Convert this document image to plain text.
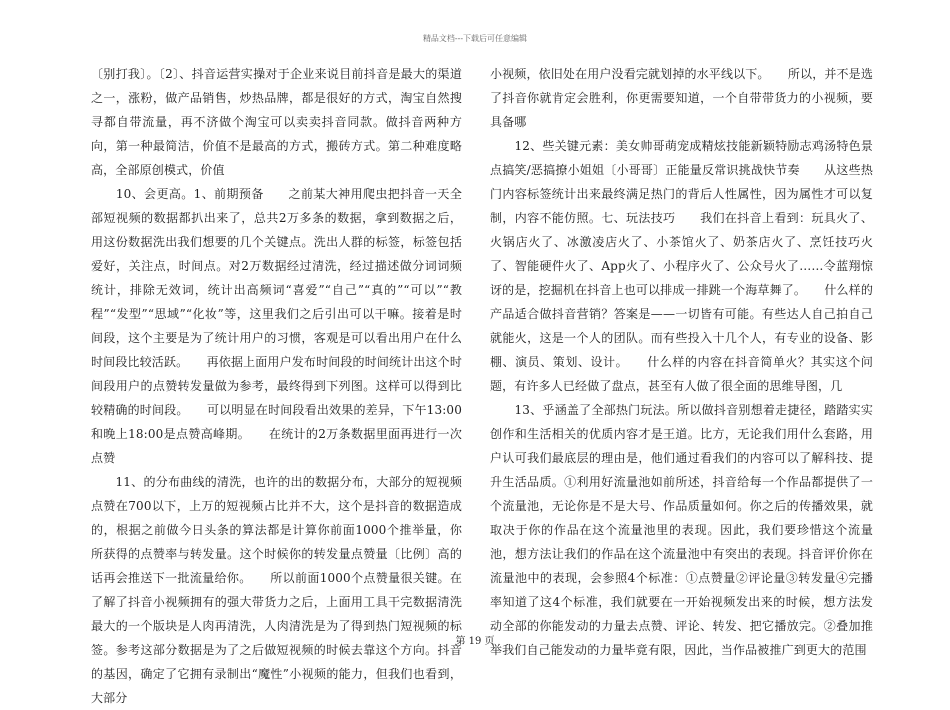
精品文档---下载后可任意编辑

〔别打我〕。〔2〕、抖音运营实操对于企业来说目前抖音是最大的渠道之一，涨粉，做产品销售，炒热品牌，都是很好的方式，淘宝自然搜寻都自带流量，再不济做个淘宝可以卖卖抖音同款。做抖音两种方向，第一种最简洁，价值不是最高的方式，搬砖方式。第二种难度略高，全部原创模式，价值

　　10、会更高。1、前期预备　　之前某大神用爬虫把抖音一天全部短视频的数据都扒出来了，总共2万多条的数据，拿到数据之后，用这份数据洗出我们想要的几个关键点。洗出人群的标签，标签包括爱好，关注点，时间点。对2万数据经过清洗，经过描述做分词词频统计，排除无效词，统计出高频词“喜爱”“自己”“真的”“可以”“教程”“发型”“思域”“化妆”等，这里我们之后引出可以干嘛。接着是时间段，这个主要是为了统计用户的习惯，客观是可以看出用户在什么时间段比较活跃。　　再依据上面用户发布时间段的时间统计出这个时间段用户的点赞转发量做为参考，最终得到下列图。这样可以得到比较精确的时间段。　　可以明显在时间段看出效果的差异，下午13:00和晚上18:00是点赞高峰期。　　在统计的2万条数据里面再进行一次点赞

　　11、的分布曲线的清洗，也许的出的数据分布，大部分的短视频点赞在700以下，上万的短视频占比并不大，这个是抖音的数据造成的，根据之前做今日头条的算法都是计算你前面1000个推举量，你所获得的点赞率与转发量。这个时候你的转发量点赞量〔比例〕高的话再会推送下一批流量给你。　　所以前面1000个点赞量很关键。在了解了抖音小视频拥有的强大带货力之后，上面用工具干完数据清洗最大的一个版块是人肉再清洗，人肉清洗是为了得到热门短视频的标签。参考这部分数据是为了之后做短视频的时候去靠这个方向。抖音的基因，确定了它拥有录制出“魔性”小视频的能力，但我们也看到，大部分

小视频，依旧处在用户没看完就划掉的水平线以下。　　所以，并不是选了抖音你就肯定会胜利，你更需要知道，一个自带带货力的小视频，要具备哪

　　12、些关键元素：美女帅哥萌宠成精炫技能新颖特励志鸡汤特色景点搞笑/恶搞撩小姐姐〔小哥哥〕正能量反常识挑战快节奏　　从这些热门内容标签统计出来最终满足热门的背后人性属性，因为属性才可以复制，内容不能仿照。七、玩法技巧　　我们在抖音上看到：玩具火了、火锅店火了、冰激凌店火了、小茶馆火了、奶茶店火了、烹饪技巧火了、智能硬件火了、App火了、小程序火了、公众号火了……令蓝翔惊讶的是，挖掘机在抖音上也可以排成一排跳一个海草舞了。　　什么样的产品适合做抖音营销？答案是——一切皆有可能。有些达人自己拍自己就能火，这是一个人的团队。而有些投入十几个人，有专业的设备、影棚、演员、策划、设计。　　什么样的内容在抖音简单火？其实这个问题，有许多人已经做了盘点，甚至有人做了很全面的思维导图，几

　　13、乎涵盖了全部热门玩法。所以做抖音别想着走捷径，踏踏实实创作和生活相关的优质内容才是王道。比方，无论我们用什么套路，用户认可我们最底层的理由是，他们通过看我们的内容可以了解科技、提升生活品质。①利用好流量池如前所述，抖音给每一个作品都提供了一个流量池，无论你是不是大号、作品质量如何。你之后的传播效果，就取决于你的作品在这个流量池里的表现。因此，我们要珍惜这个流量池，想方法让我们的作品在这个流量池中有突出的表现。抖音评价你在流量池中的表现，会参照4个标准：①点赞量②评论量③转发量④完播率知道了这4个标准，我们就要在一开始视频发出来的时候，想方法发动全部的你能发动的力量去点赞、评论、转发、把它播放完。②叠加推举我们自己能发动的力量毕竟有限，因此，当作品被推广到更大的范围

第 19 页
